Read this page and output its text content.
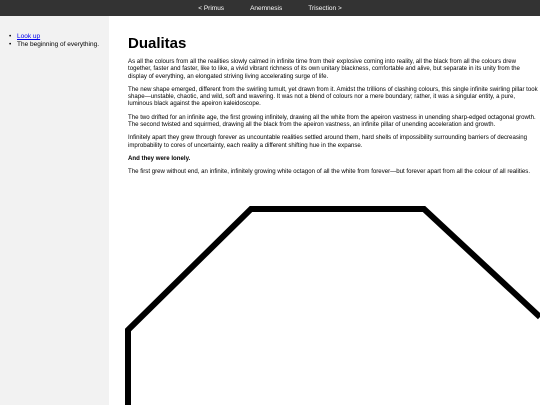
< Primus	Anemnesis	Trisection >
• Look up
• The beginning of everything. Dualitas

As all the colours from all the realities slowly calmed in infinite time from their explosive coming into reality, all the black from all the colours drew together, faster and faster, like to like, a vivid vibrant richness of its own unitary blackness, comfortable and alive, but separate in its unity from the display of everything, an elongated striving living accelerating surge of life.

The new shape emerged, different from the swirling tumult, yet drawn from it. Amidst the trillions of clashing colours, this single infinite swirling pillar took shape—unstable, chaotic, and wild, soft and wavering. It was not a blend of colours nor a mere boundary; rather, it was a singular entity, a pure, luminous black against the apeiron kaleidoscope.

The two drifted for an infinite age, the first growing infinitely, drawing all the white from the apeiron vastness in unending sharp-edged octagonal growth. The second twisted and squirmed, drawing all the black from the apeiron vastness, an infinite pillar of unending acceleration and growth.

Infinitely apart they grew through forever as uncountable realities settled around them, hard shells of impossibility surrounding barriers of decreasing improbability to cores of uncertainty, each reality a different shifting hue in the expanse.

And they were lonely.

The first grew without end, an infinite, infinitely growing white octagon of all the white from forever—but forever apart from all the colour of all realities.
